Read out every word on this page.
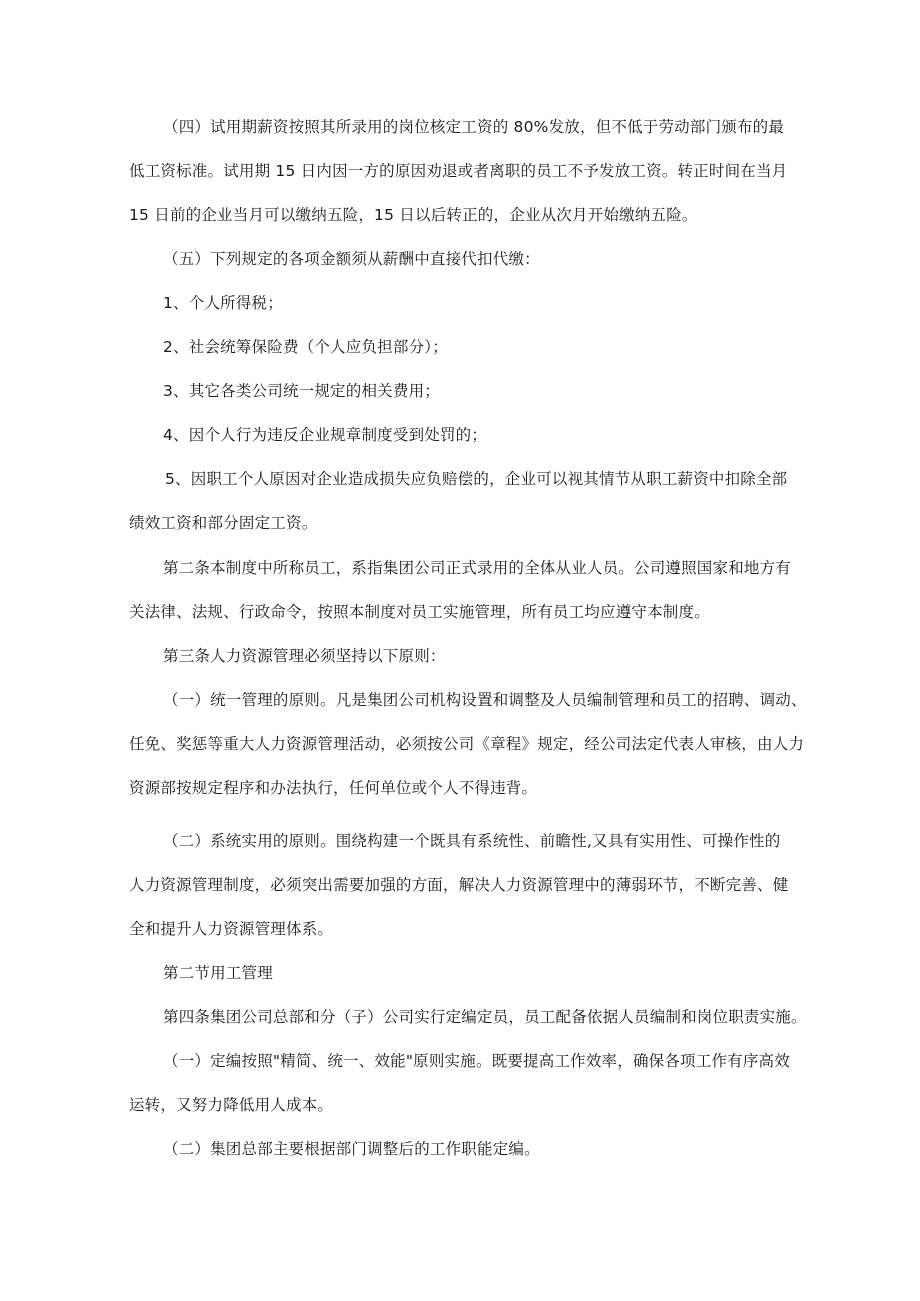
（四）试用期薪资按照其所录用的岗位核定工资的 80%发放，但不低于劳动部门颁布的最

低工资标准。试用期 15 日内因一方的原因劝退或者离职的员工不予发放工资。转正时间在当月

15 日前的企业当月可以缴纳五险，15 日以后转正的，企业从次月开始缴纳五险。

（五）下列规定的各项金额须从薪酬中直接代扣代缴：

1、个人所得税；

2、社会统筹保险费（个人应负担部分）；

3、其它各类公司统一规定的相关费用；

4、因个人行为违反企业规章制度受到处罚的；

5、因职工个人原因对企业造成损失应负赔偿的，企业可以视其情节从职工薪资中扣除全部

绩效工资和部分固定工资。

第二条本制度中所称员工，系指集团公司正式录用的全体从业人员。公司遵照国家和地方有

关法律、法规、行政命令，按照本制度对员工实施管理，所有员工均应遵守本制度。

第三条人力资源管理必须坚持以下原则：

（一）统一管理的原则。凡是集团公司机构设置和调整及人员编制管理和员工的招聘、调动、

任免、奖惩等重大人力资源管理活动，必须按公司《章程》规定，经公司法定代表人审核，由人力

资源部按规定程序和办法执行，任何单位或个人不得违背。

（二）系统实用的原则。围绕构建一个既具有系统性、前瞻性,又具有实用性、可操作性的

人力资源管理制度，必须突出需要加强的方面，解决人力资源管理中的薄弱环节，不断完善、健

全和提升人力资源管理体系。

第二节用工管理

第四条集团公司总部和分（子）公司实行定编定员，员工配备依据人员编制和岗位职责实施。

（一）定编按照"精简、统一、效能"原则实施。既要提高工作效率，确保各项工作有序高效

运转，又努力降低用人成本。

（二）集团总部主要根据部门调整后的工作职能定编。
